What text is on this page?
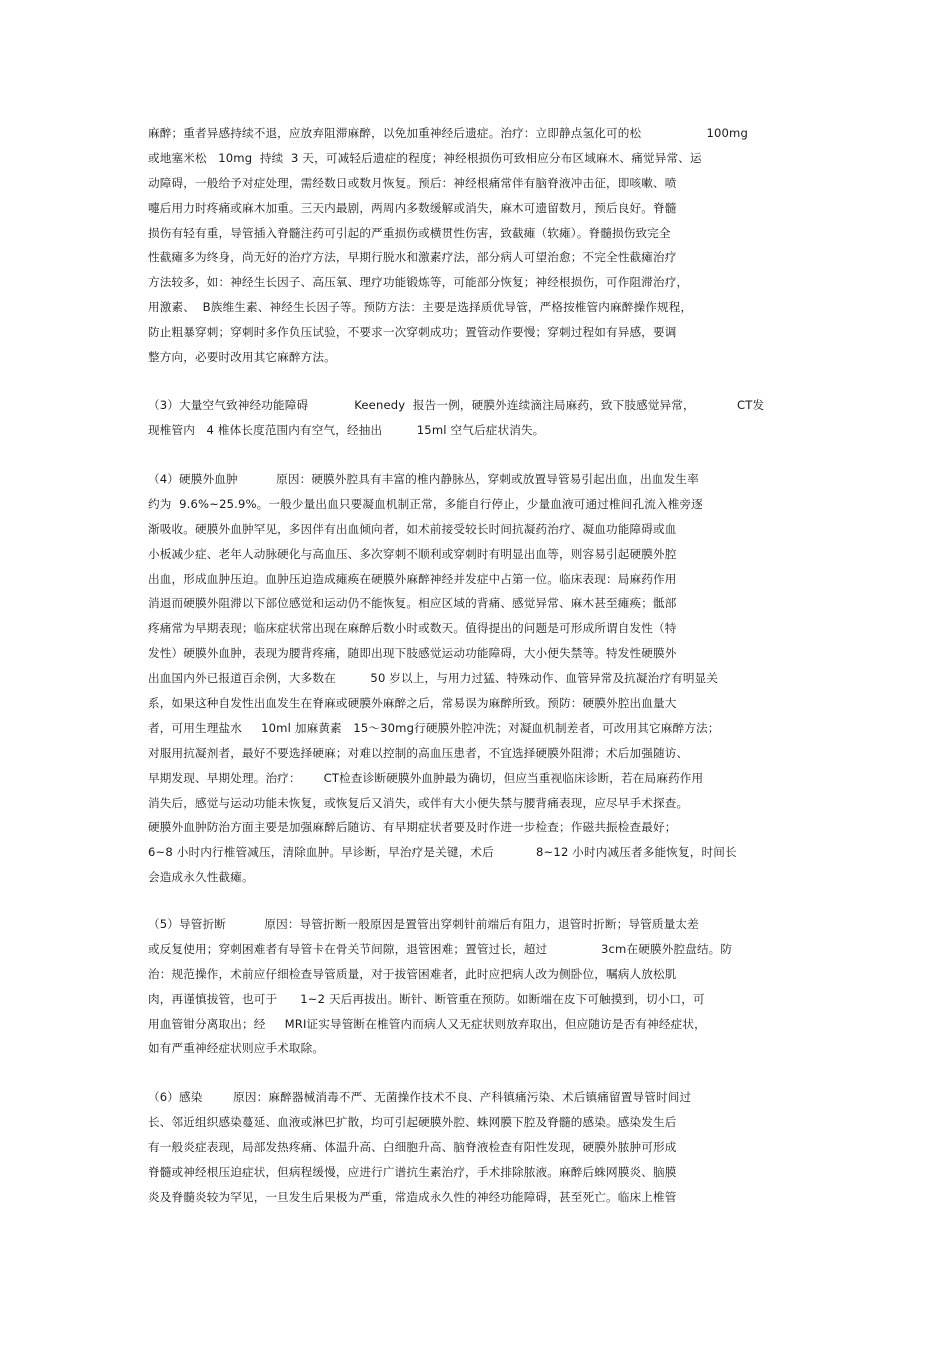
麻醉；重者异感持续不退，应放弃阻滞麻醉，以免加重神经后遗症。治疗：立即静点氢化可的松                 100mg
或地塞米松   10mg  持续  3 天，可减轻后遗症的程度；神经根损伤可致相应分布区域麻木、痛觉异常、运
动障碍，一般给予对症处理，需经数日或数月恢复。预后：神经根痛常伴有脑脊液冲击征，即咳嗽、喷
嚏后用力时疼痛或麻木加重。三天内最剧，两周内多数缓解或消失，麻木可遗留数月，预后良好。脊髓
损伤有轻有重，导管插入脊髓注药可引起的严重损伤或横贯性伤害，致截瘫（软瘫）。脊髓损伤致完全
性截瘫多为终身，尚无好的治疗方法，早期行脱水和激素疗法，部分病人可望治愈；不完全性截瘫治疗
方法较多，如：神经生长因子、高压氧、理疗功能锻炼等，可能部分恢复；神经根损伤，可作阻滞治疗，
用激素、  B族维生素、神经生长因子等。预防方法：主要是选择质优导管，严格按椎管内麻醉操作规程，
防止粗暴穿刺；穿刺时多作负压试验，不要求一次穿刺成功；置管动作要慢；穿刺过程如有异感，要调
整方向，必要时改用其它麻醉方法。
（3）大量空气致神经功能障碍            Keenedy  报告一例，硬膜外连续滴注局麻药，致下肢感觉异常，           CT发
现椎管内   4 椎体长度范围内有空气，经抽出         15ml 空气后症状消失。
（4）硬膜外血肿          原因：硬膜外腔具有丰富的椎内静脉丛，穿刺或放置导管易引起出血，出血发生率
约为  9.6%~25.9%。一般少量出血只要凝血机制正常，多能自行停止，少量血液可通过椎间孔流入椎旁逐
渐吸收。硬膜外血肿罕见，多因伴有出血倾向者，如术前接受较长时间抗凝药治疗、凝血功能障碍或血
小板减少症、老年人动脉硬化与高血压、多次穿刺不顺利或穿刺时有明显出血等，则容易引起硬膜外腔
出血，形成血肿压迫。血肿压迫造成瘫痪在硬膜外麻醉神经并发症中占第一位。临床表现：局麻药作用
消退而硬膜外阻滞以下部位感觉和运动仍不能恢复。相应区域的背痛、感觉异常、麻木甚至瘫痪；骶部
疼痛常为早期表现；临床症状常出现在麻醉后数小时或数天。值得提出的问题是可形成所谓自发性（特
发性）硬膜外血肿，表现为腰背疼痛，随即出现下肢感觉运动功能障碍，大小便失禁等。特发性硬膜外
出血国内外已报道百余例，大多数在         50 岁以上，与用力过猛、特殊动作、血管异常及抗凝治疗有明显关
系，如果这种自发性出血发生在脊麻或硬膜外麻醉之后，常易误为麻醉所致。预防：硬膜外腔出血量大
者，可用生理盐水     10ml 加麻黄素   15～30mg行硬膜外腔冲洗；对凝血机制差者，可改用其它麻醉方法；
对服用抗凝剂者，最好不要选择硬麻；对难以控制的高血压患者，不宜选择硬膜外阻滞；术后加强随访、
早期发现、早期处理。治疗：      CT检查诊断硬膜外血肿最为确切，但应当重视临床诊断，若在局麻药作用
消失后，感觉与运动功能未恢复，或恢复后又消失，或伴有大小便失禁与腰背痛表现，应尽早手术探查。
硬膜外血肿防治方面主要是加强麻醉后随访、有早期症状者要及时作进一步检查；作磁共振检查最好；
6~8 小时内行椎管减压，清除血肿。早诊断，早治疗是关键，术后           8~12 小时内减压者多能恢复，时间长
会造成永久性截瘫。
（5）导管折断          原因：导管折断一般原因是置管出穿刺针前端后有阻力，退管时折断；导管质量太差
或反复使用；穿刺困难者有导管卡在骨关节间隙，退管困难；置管过长，超过              3cm在硬膜外腔盘结。防
治：规范操作，术前应仔细检查导管质量，对于拔管困难者，此时应把病人改为侧卧位，嘱病人放松肌
肉，再谨慎拔管，也可于      1~2 天后再拔出。断针、断管重在预防。如断端在皮下可触摸到，切小口，可
用血管钳分离取出；经     MRI证实导管断在椎管内而病人又无症状则放弃取出，但应随访是否有神经症状，
如有严重神经症状则应手术取除。
（6）感染        原因：麻醉器械消毒不严、无菌操作技术不良、产科镇痛污染、术后镇痛留置导管时间过
长、邻近组织感染蔓延、血液或淋巴扩散，均可引起硬膜外腔、蛛网膜下腔及脊髓的感染。感染发生后
有一般炎症表现，局部发热疼痛、体温升高、白细胞升高、脑脊液检查有阳性发现，硬膜外脓肿可形成
脊髓或神经根压迫症状，但病程缓慢，应进行广谱抗生素治疗，手术排除脓液。麻醉后蛛网膜炎、脑膜
炎及脊髓炎较为罕见，一旦发生后果极为严重，常造成永久性的神经功能障碍，甚至死亡。临床上椎管
